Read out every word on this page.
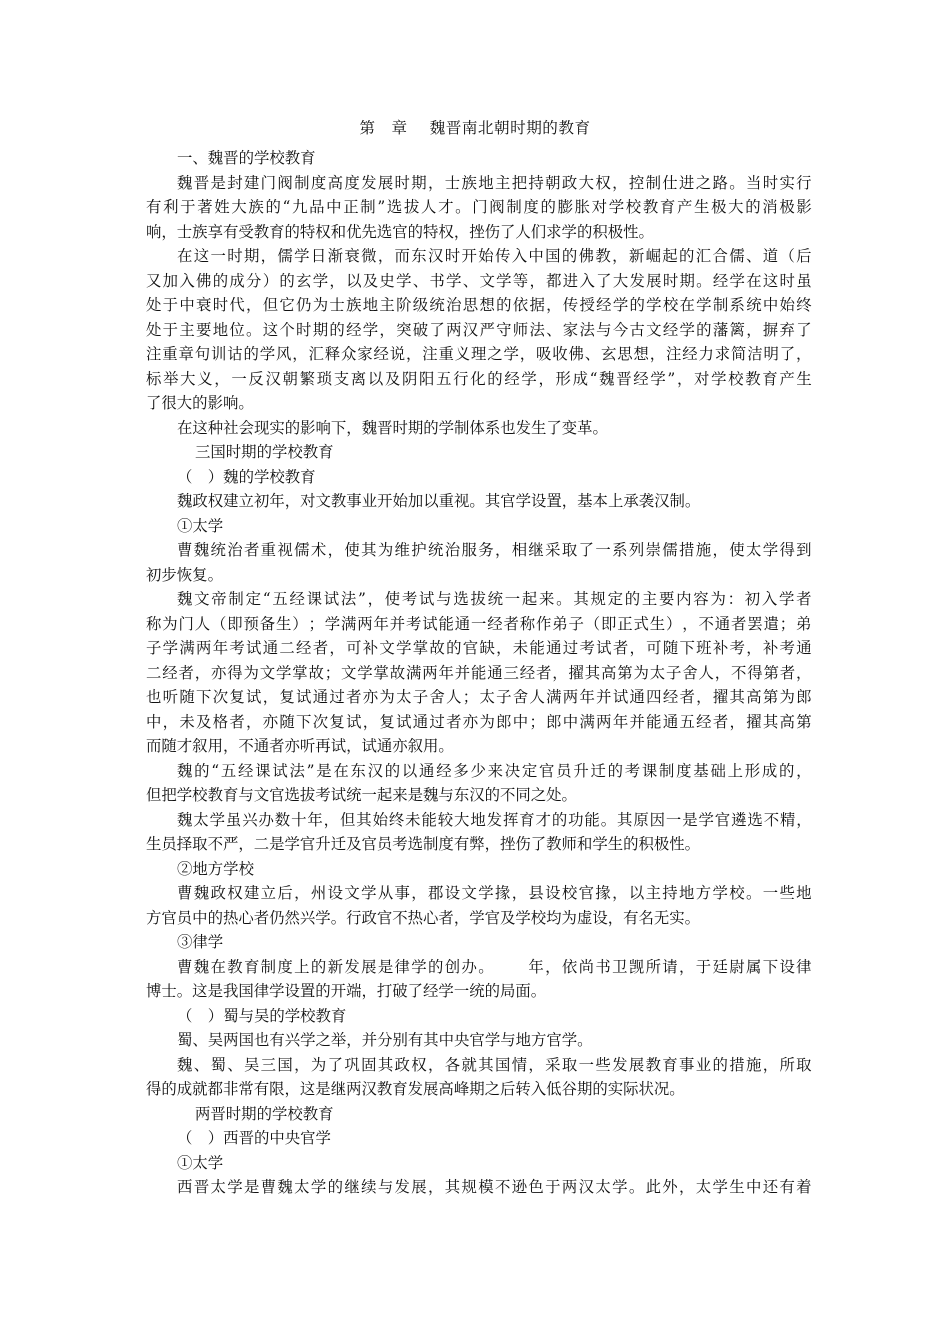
第 章 魏晋南北朝时期的教育
一、魏晋的学校教育
魏 晋 是 封 建 门 阀 制 度 高 度 发 展 时 期 ， 士 族 地 主 把 持 朝 政 大 权 ， 控 制 仕 进 之 路 。 当 时 实 行
有 利 于 著 姓 大 族 的 “ 九 品 中 正 制 ” 选 拔 人 才 。 门 阀 制 度 的 膨 胀 对 学 校 教 育 产 生 极 大 的 消 极 影
响，士族享有受教育的特权和优先选官的特权，挫伤了人们求学的积极性。
在 这 一 时 期 ， 儒 学 日 渐 衰 微 ， 而 东 汉 时 开 始 传 入 中 国 的 佛 教 ， 新 崛 起 的 汇 合 儒 、 道 （ 后
又 加 入 佛 的 成 分 ） 的 玄 学 ， 以 及 史 学 、 书 学 、 文 学 等 ， 都 进 入 了 大 发 展 时 期 。 经 学 在 这 时 虽
处 于 中 衰 时 代 ， 但 它 仍 为 士 族 地 主 阶 级 统 治 思 想 的 依 据 ， 传 授 经 学 的 学 校 在 学 制 系 统 中 始 终
处 于 主 要 地 位 。 这 个 时 期 的 经 学 ， 突 破 了 两 汉 严 守 师 法 、 家 法 与 今 古 文 经 学 的 藩 篱 ， 摒 弃 了
注 重 章 句 训 诂 的 学 风 ， 汇 释 众 家 经 说 ， 注 重 义 理 之 学 ， 吸 收 佛 、 玄 思 想 ， 注 经 力 求 简 洁 明 了 ，
标 举 大 义 ， 一 反 汉 朝 繁 琐 支 离 以 及 阴 阳 五 行 化 的 经 学 ， 形 成 “ 魏 晋 经 学 ” ， 对 学 校 教 育 产 生
了很大的影响。
在这种社会现实的影响下，魏晋时期的学制体系也发生了变革。
三国时期的学校教育
（　）魏的学校教育
魏政权建立初年，对文教事业开始加以重视。其官学设置，基本上承袭汉制。
①太学
曹 魏 统 治 者 重 视 儒 术 ， 使 其 为 维 护 统 治 服 务 ， 相 继 采 取 了 一 系 列 崇 儒 措 施 ， 使 太 学 得 到
初步恢复。
魏 文 帝 制 定 “ 五 经 课 试 法 ” ， 使 考 试 与 选 拔 统 一 起 来 。 其 规 定 的 主 要 内 容 为 ： 初 入 学 者
称 为 门 人 （ 即 预 备 生 ） ； 学 满 两 年 并 考 试 能 通 一 经 者 称 作 弟 子 （ 即 正 式 生 ） ， 不 通 者 罢 遣 ； 弟
子 学 满 两 年 考 试 通 二 经 者 ， 可 补 文 学 掌 故 的 官 缺 ， 未 能 通 过 考 试 者 ， 可 随 下 班 补 考 ， 补 考 通
二 经 者 ， 亦 得 为 文 学 掌 故 ； 文 学 掌 故 满 两 年 并 能 通 三 经 者 ， 擢 其 高 第 为 太 子 舍 人 ， 不 得 第 者 ，
也 听 随 下 次 复 试 ， 复 试 通 过 者 亦 为 太 子 舍 人 ； 太 子 舍 人 满 两 年 并 试 通 四 经 者 ， 擢 其 高 第 为 郎
中 ， 未 及 格 者 ， 亦 随 下 次 复 试 ， 复 试 通 过 者 亦 为 郎 中 ； 郎 中 满 两 年 并 能 通 五 经 者 ， 擢 其 高 第
而随才叙用，不通者亦听再试，试通亦叙用。
魏 的 “ 五 经 课 试 法 ” 是 在 东 汉 的 以 通 经 多 少 来 决 定 官 员 升 迁 的 考 课 制 度 基 础 上 形 成 的 ，
但把学校教育与文官选拔考试统一起来是魏与东汉的不同之处。
魏 太 学 虽 兴 办 数 十 年 ， 但 其 始 终 未 能 较 大 地 发 挥 育 才 的 功 能 。 其 原 因 一 是 学 官 遴 选 不 精 ，
生员择取不严，二是学官升迁及官员考选制度有弊，挫伤了教师和学生的积极性。
②地方学校
曹 魏 政 权 建 立 后 ， 州 设 文 学 从 事 ， 郡 设 文 学 掾 ， 县 设 校 官 掾 ， 以 主 持 地 方 学 校 。 一 些 地
方官员中的热心者仍然兴学。行政官不热心者，学官及学校均为虚设，有名无实。
③律学
曹 魏 在 教 育 制 度 上 的 新 发 展 是 律 学 的 创 办 。

　 年 ， 依 尚 书 卫 觊 所 请 ， 于 廷 尉 属 下 设 律
博士。这是我国律学设置的开端，打破了经学一统的局面。
（　）蜀与吴的学校教育
蜀、吴两国也有兴学之举，并分别有其中央官学与地方官学。
魏 、 蜀 、 吴 三 国 ， 为 了 巩 固 其 政 权 ， 各 就 其 国 情 ， 采 取 一 些 发 展 教 育 事 业 的 措 施 ， 所 取
得的成就都非常有限，这是继两汉教育发展高峰期之后转入低谷期的实际状况。
两晋时期的学校教育
（　）西晋的中央官学
①太学
西 晋 太 学 是 曹 魏 太 学 的 继 续 与 发 展 ， 其 规 模 不 逊 色 于 两 汉 太 学 。 此 外 ， 太 学 生 中 还 有 着
